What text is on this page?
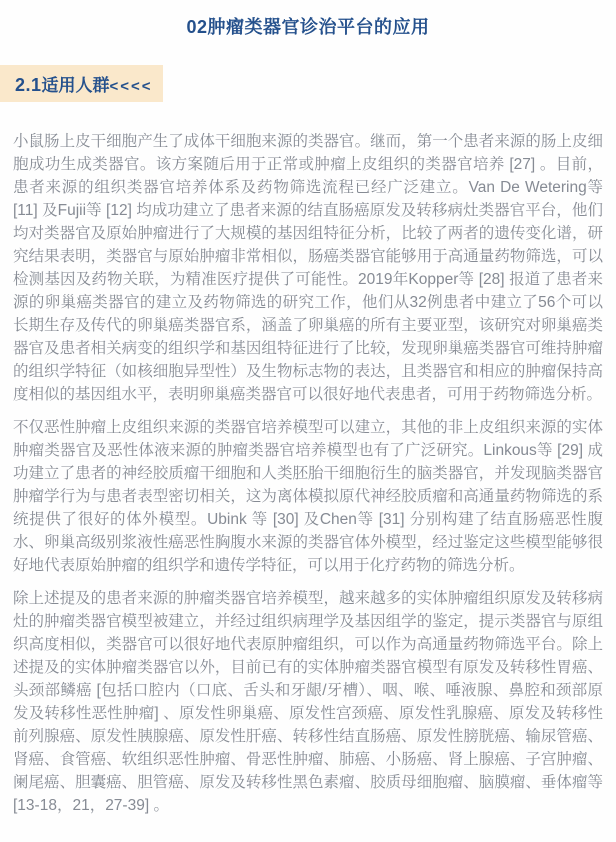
02肿瘤类器官诊治平台的应用
2.1适用人群<<<<

小鼠肠上皮干细胞产生了成体干细胞来源的类器官。继而，第一个患者来源的肠上皮细胞成功生成类器官。该方案随后用于正常或肿瘤上皮组织的类器官培养 [27] 。目前，患者来源的组织类器官培养体系及药物筛选流程已经广泛建立。Van De Wetering等 [11] 及Fujii等 [12] 均成功建立了患者来源的结直肠癌原发及转移病灶类器官平台，他们均对类器官及原始肿瘤进行了大规模的基因组特征分析，比较了两者的遗传变化谱，研究结果表明，类器官与原始肿瘤非常相似，肠癌类器官能够用于高通量药物筛选，可以检测基因及药物关联，为精准医疗提供了可能性。2019年Kopper等 [28] 报道了患者来源的卵巢癌类器官的建立及药物筛选的研究工作，他们从32例患者中建立了56个可以长期生存及传代的卵巢癌类器官系，涵盖了卵巢癌的所有主要亚型，该研究对卵巢癌类器官及患者相关病变的组织学和基因组特征进行了比较，发现卵巢癌类器官可维持肿瘤的组织学特征（如核细胞异型性）及生物标志物的表达，且类器官和相应的肿瘤保持高度相似的基因组水平，表明卵巢癌类器官可以很好地代表患者，可用于药物筛选分析。

不仅恶性肿瘤上皮组织来源的类器官培养模型可以建立，其他的非上皮组织来源的实体肿瘤类器官及恶性体液来源的肿瘤类器官培养模型也有了广泛研究。Linkous等 [29] 成功建立了患者的神经胶质瘤干细胞和人类胚胎干细胞衍生的脑类器官，并发现脑类器官肿瘤学行为与患者表型密切相关，这为离体模拟原代神经胶质瘤和高通量药物筛选的系统提供了很好的体外模型。Ubink 等 [30] 及Chen等 [31] 分别构建了结直肠癌恶性腹水、卵巢高级别浆液性癌恶性胸腹水来源的类器官体外模型，经过鉴定这些模型能够很好地代表原始肿瘤的组织学和遗传学特征，可以用于化疗药物的筛选分析。

除上述提及的患者来源的肿瘤类器官培养模型，越来越多的实体肿瘤组织原发及转移病灶的肿瘤类器官模型被建立，并经过组织病理学及基因组学的鉴定，提示类器官与原组织高度相似，类器官可以很好地代表原肿瘤组织，可以作为高通量药物筛选平台。除上述提及的实体肿瘤类器官以外，目前已有的实体肿瘤类器官模型有原发及转移性胃癌、头颈部鳞癌 [包括口腔内（口底、舌头和牙龈/牙槽）、咽、喉、唾液腺、鼻腔和颈部原发及转移性恶性肿瘤] 、原发性卵巢癌、原发性宫颈癌、原发性乳腺癌、原发及转移性前列腺癌、原发性胰腺癌、原发性肝癌、转移性结直肠癌、原发性膀胱癌、输尿管癌、肾癌、食管癌、软组织恶性肿瘤、骨恶性肿瘤、肺癌、小肠癌、肾上腺癌、子宫肿瘤、阑尾癌、胆囊癌、胆管癌、原发及转移性黑色素瘤、胶质母细胞瘤、脑膜瘤、垂体瘤等 [13-18，21，27-39] 。
